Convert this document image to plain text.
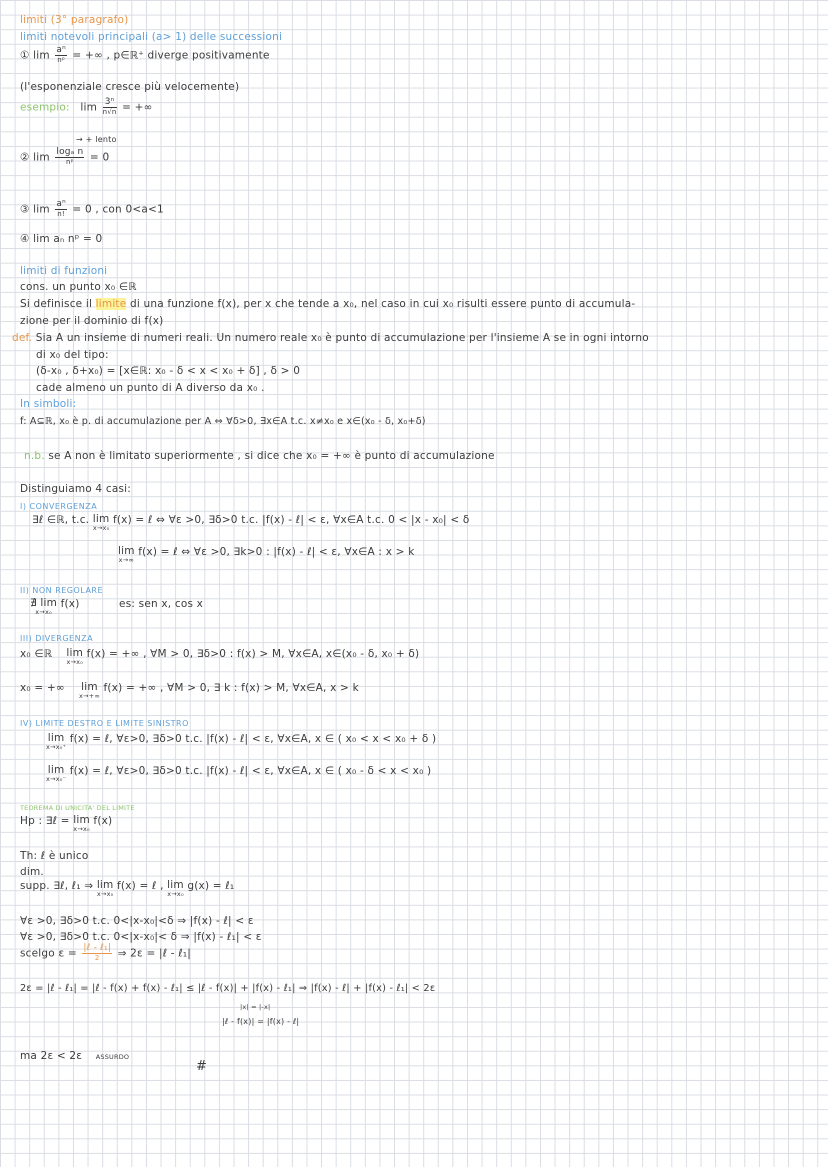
limiti (3° paragrafo)
limiti notevoli principali (a> 1) delle successioni
① $\lim \frac{\text{aⁿ}}{\text{nᵖ}}$ = +∞ , p∈ℝ⁺ diverge positivamente
(l'esponenziale cresce più velocemente)
esempio: $\lim \frac{\text{3ⁿ}}{n√n}$ = +∞
→ + lento
② $\lim \frac{\text{logₐ n}}{\text{nᵖ}} = 0$
③ $\lim \frac{\text{aⁿ}}{n!} = 0$ , con 0<a<1
④ lim aₙ nᵖ = 0
limiti di funzioni
cons. un punto x₀ ∈ℝ
Si definisce il limite di una funzione f(x), per x che tende a x₀, nel caso in cui x₀ risulti essere punto di accumula-
zione per il dominio di f(x)
def. Sia A un insieme di numeri reali. Un numero reale x₀ è punto di accumulazione per l'insieme A se in ogni intorno
di x₀ del tipo:
(δ-x₀ , δ+x₀) = [x∈ℝ: x₀ - δ < x < x₀ + δ] , δ > 0
cade almeno un punto di A diverso da x₀ .
In simboli:
f: A⊆ℝ, x₀ è p. di accumulazione per A ⇔ ∀δ>0, ∃x∈A t.c. x≠x₀ e x∈(x₀ - δ, x₀+δ)
n.b. se A non è limitato superiormente , si dice che x₀ = +∞ è punto di accumulazione
Distinguiamo 4 casi:
I) CONVERGENZA
∃ℓ ∈ℝ, t.c. lim
x→x₀
f(x) = ℓ ⇔ ∀ε >0, ∃δ>0 t.c. |f(x) - ℓ| < ε, ∀x∈A t.c. 0 < |x - x₀| < δ
lim
x→∞
f(x) = ℓ ⇔ ∀ε >0, ∃k>0 : |f(x) - ℓ| < ε, ∀x∈A : x > k
II) NON REGOLARE
∄ lim
x→x₀
f(x)	es: sen x, cos x
III) DIVERGENZA
x₀ ∈ℝ lim
x→x₀
f(x) = +∞ , ∀M > 0, ∃δ>0 : f(x) > M, ∀x∈A, x∈(x₀ - δ, x₀ + δ)
x₀ = +∞ lim
x→+∞
f(x) = +∞ , ∀M > 0, ∃ k : f(x) > M, ∀x∈A, x > k
IV) LIMITE DESTRO E LIMITE SINISTRO
lim
x→x₀⁺
f(x) = ℓ, ∀ε>0, ∃δ>0 t.c. |f(x) - ℓ| < ε, ∀x∈A, x ∈ ( x₀ < x < x₀ + δ )
lim
x→x₀⁻
f(x) = ℓ, ∀ε>0, ∃δ>0 t.c. |f(x) - ℓ| < ε, ∀x∈A, x ∈ ( x₀ - δ < x < x₀ )
TEOREMA DI UNICITA' DEL LIMITE
Hp : ∃ℓ = lim
x→x₀
f(x)
Th: ℓ è unico
dim.
supp. ∃ℓ, ℓ₁ ⇒ lim
x→x₀
f(x) = ℓ , lim
x→x₀
g(x) = ℓ₁
∀ε >0, ∃δ>0 t.c. 0<|x-x₀|<δ ⇒ |f(x) - ℓ| < ε
∀ε >0, ∃δ>0 t.c. 0<|x-x₀|< δ ⇒ |f(x) - ℓ₁| < ε
scelgo $\varepsilon = \frac{\text{|ℓ - ℓ₁|}}{2}$ ⇒ 2ε = |ℓ - ℓ₁|
2ε = |ℓ - ℓ₁| = |ℓ - f(x) + f(x) - ℓ₁| ≤ |ℓ - f(x)| + |f(x) - ℓ₁| ⇒ |f(x) - ℓ| + |f(x) - ℓ₁| < 2ε
|x| = |-x|
|ℓ - f(x)| = |f(x) - ℓ|
ma 2ε < 2ε ASSURDO
#
